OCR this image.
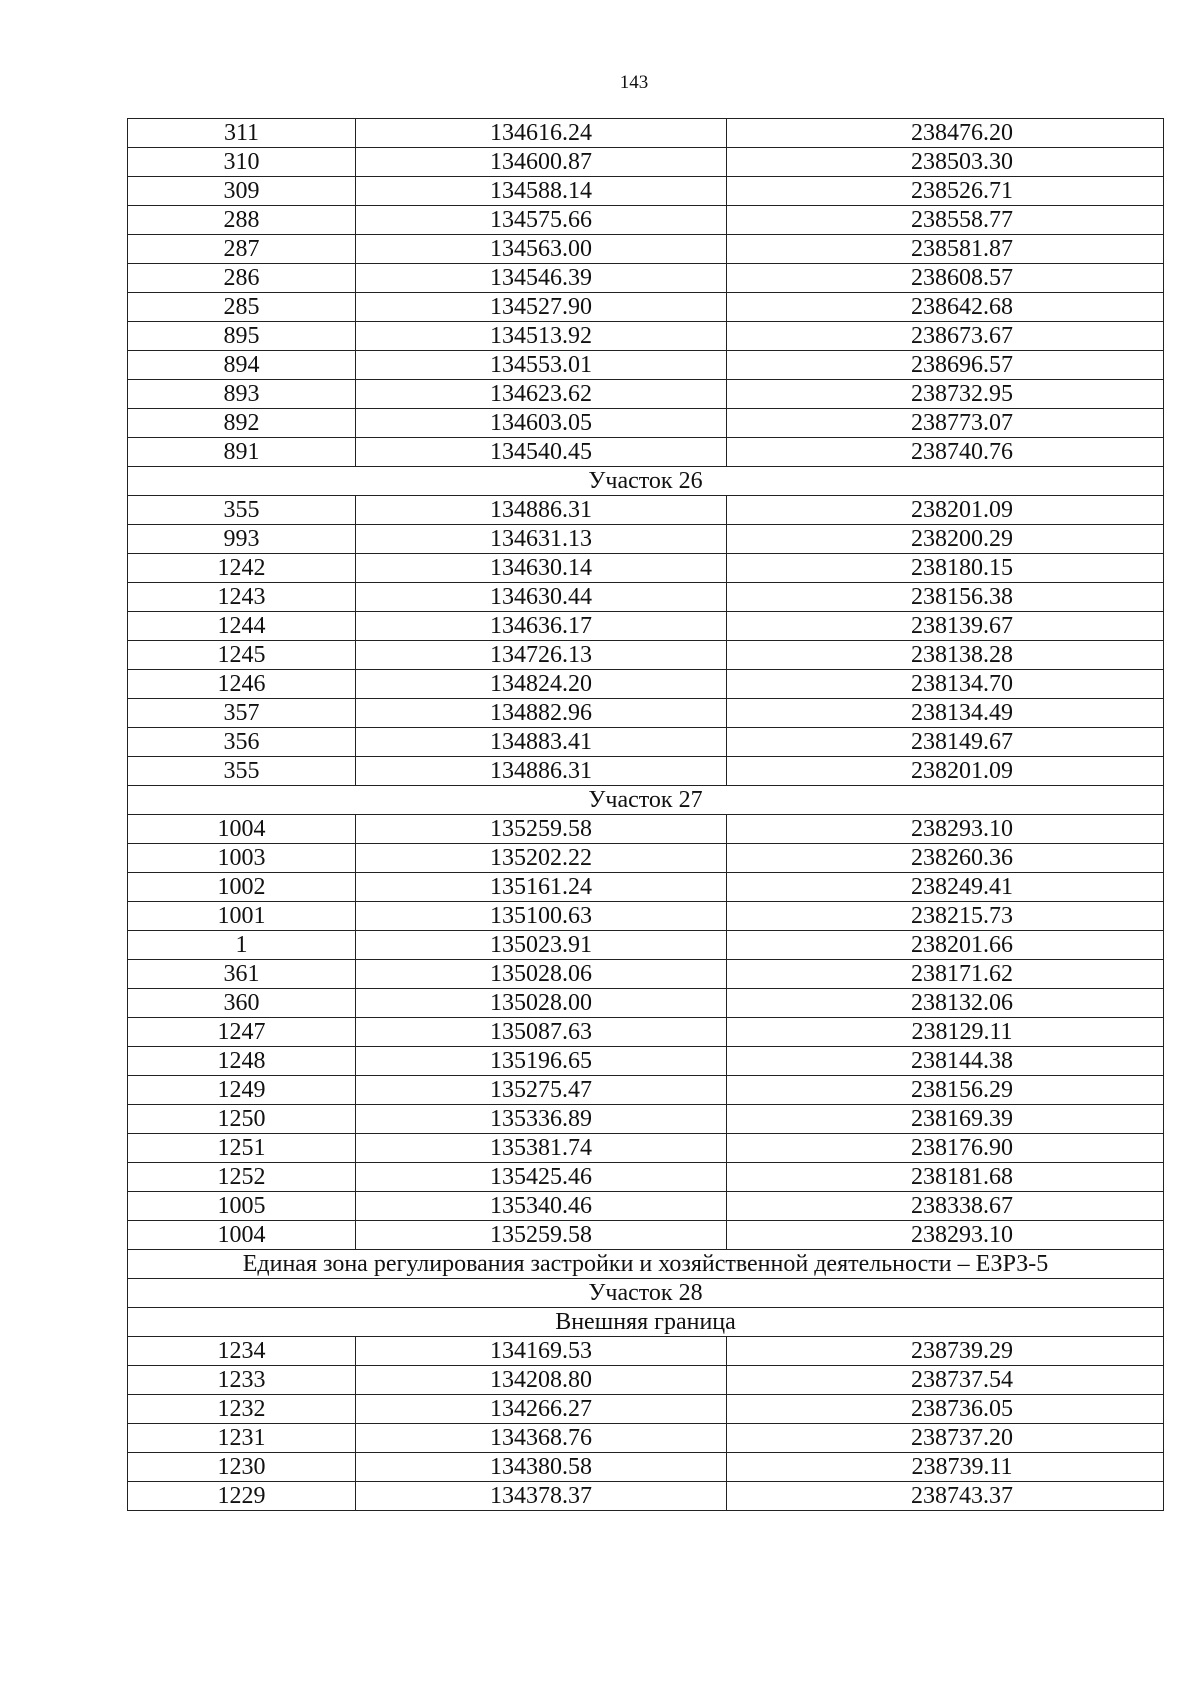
143
311	134616.24	238476.20
310	134600.87	238503.30
309	134588.14	238526.71
288	134575.66	238558.77
287	134563.00	238581.87
286	134546.39	238608.57
285	134527.90	238642.68
895	134513.92	238673.67
894	134553.01	238696.57
893	134623.62	238732.95
892	134603.05	238773.07
891	134540.45	238740.76
Участок 26		
355	134886.31	238201.09
993	134631.13	238200.29
1242	134630.14	238180.15
1243	134630.44	238156.38
1244	134636.17	238139.67
1245	134726.13	238138.28
1246	134824.20	238134.70
357	134882.96	238134.49
356	134883.41	238149.67
355	134886.31	238201.09
Участок 27		
1004	135259.58	238293.10
1003	135202.22	238260.36
1002	135161.24	238249.41
1001	135100.63	238215.73
1	135023.91	238201.66
361	135028.06	238171.62
360	135028.00	238132.06
1247	135087.63	238129.11
1248	135196.65	238144.38
1249	135275.47	238156.29
1250	135336.89	238169.39
1251	135381.74	238176.90
1252	135425.46	238181.68
1005	135340.46	238338.67
1004	135259.58	238293.10
Единая зона регулирования застройки и хозяйственной деятельности – ЕЗРЗ-5		
Участок 28		
Внешняя граница		
1234	134169.53	238739.29
1233	134208.80	238737.54
1232	134266.27	238736.05
1231	134368.76	238737.20
1230	134380.58	238739.11
1229	134378.37	238743.37
